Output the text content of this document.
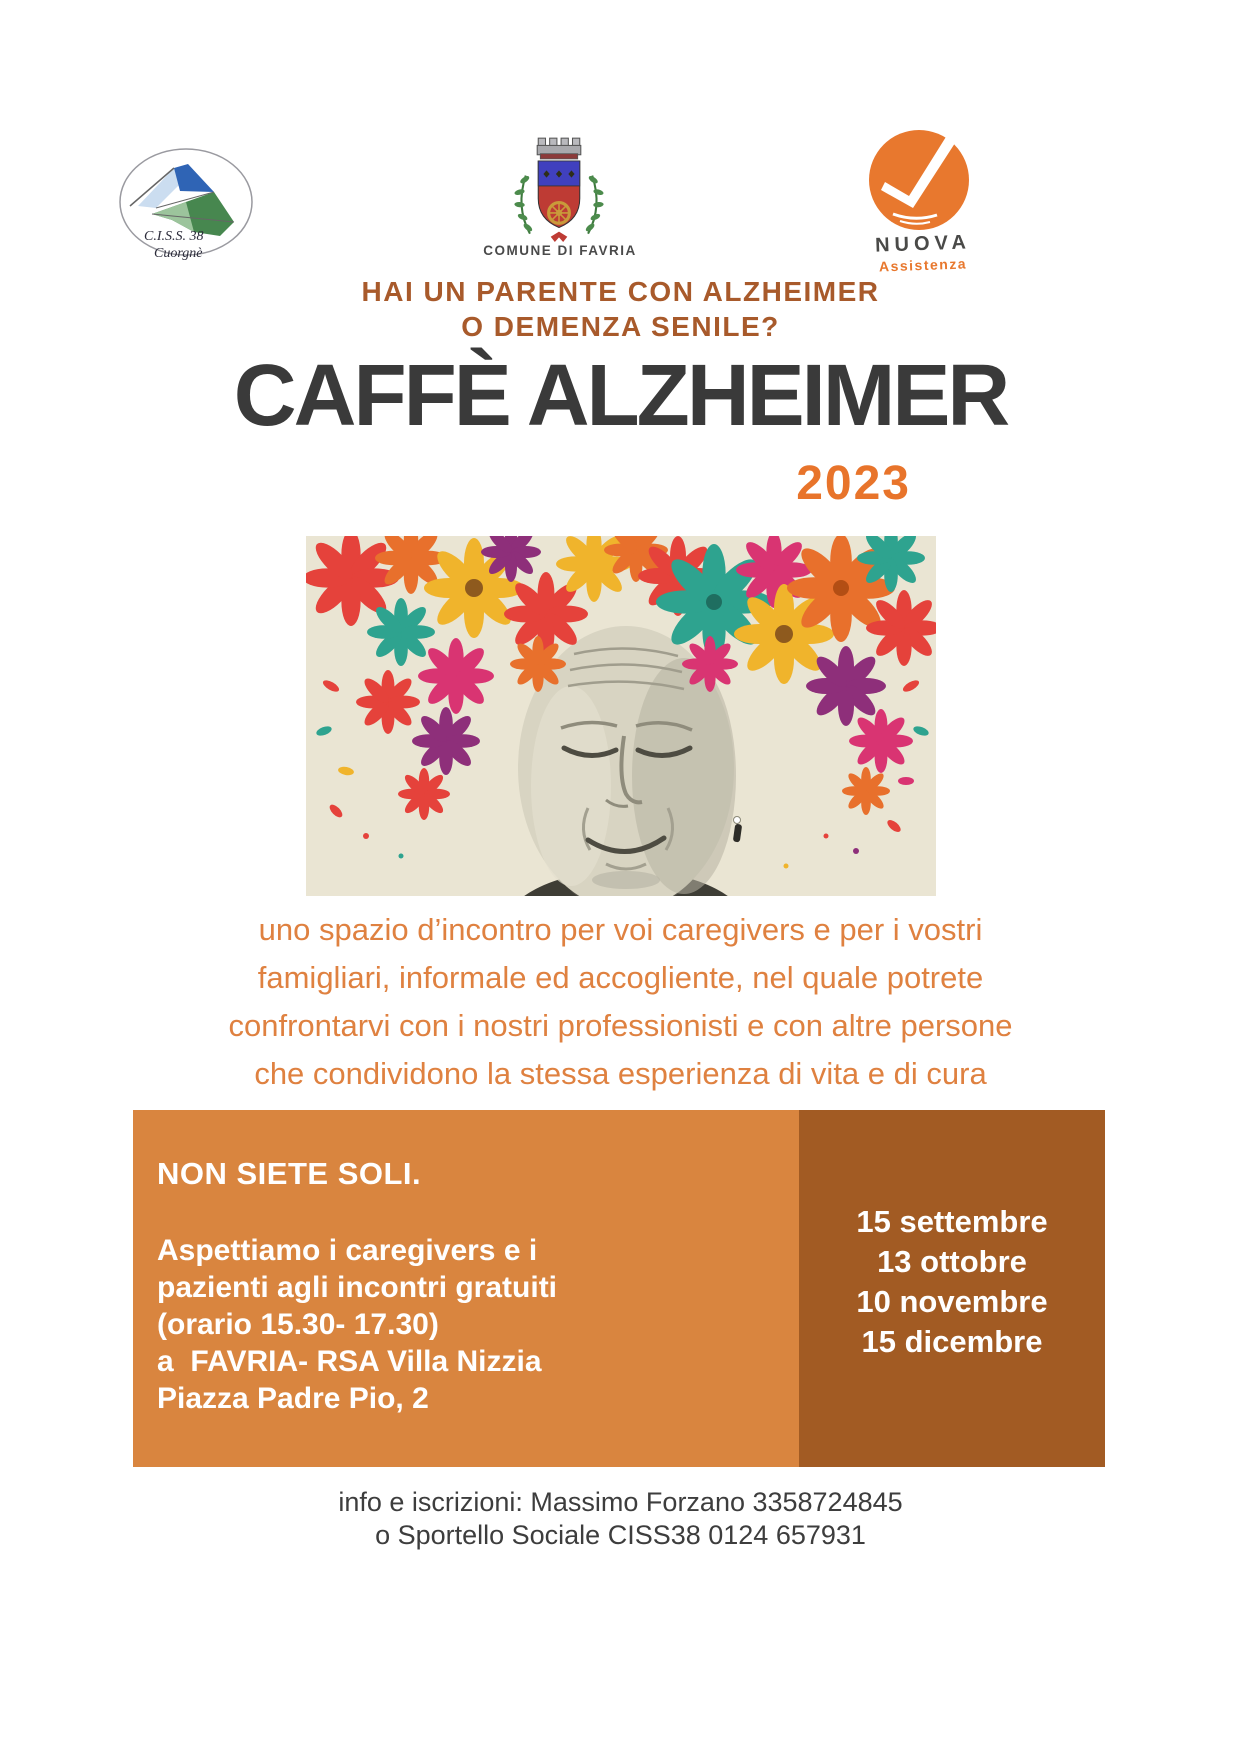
C.I.S.S. 38
Cuorgnè	COMUNE DI FAVRIA	NUOVA
Assistenza
HAI UN PARENTE CON ALZHEIMER
O DEMENZA SENILE?
CAFFÈ ALZHEIMER
2023
uno spazio d’incontro per voi caregivers e per i vostri
famigliari, informale ed accogliente, nel quale potrete
confrontarvi con i nostri professionisti e con altre persone
che condividono la stessa esperienza di vita e di cura
NON SIETE SOLI.
Aspettiamo i caregivers e i
pazienti agli incontri gratuiti
(orario 15.30- 17.30)
a  FAVRIA- RSA Villa Nizzia
Piazza Padre Pio, 2
15 settembre
13 ottobre
10 novembre
15 dicembre
info e iscrizioni: Massimo Forzano 3358724845
o Sportello Sociale CISS38 0124 657931
